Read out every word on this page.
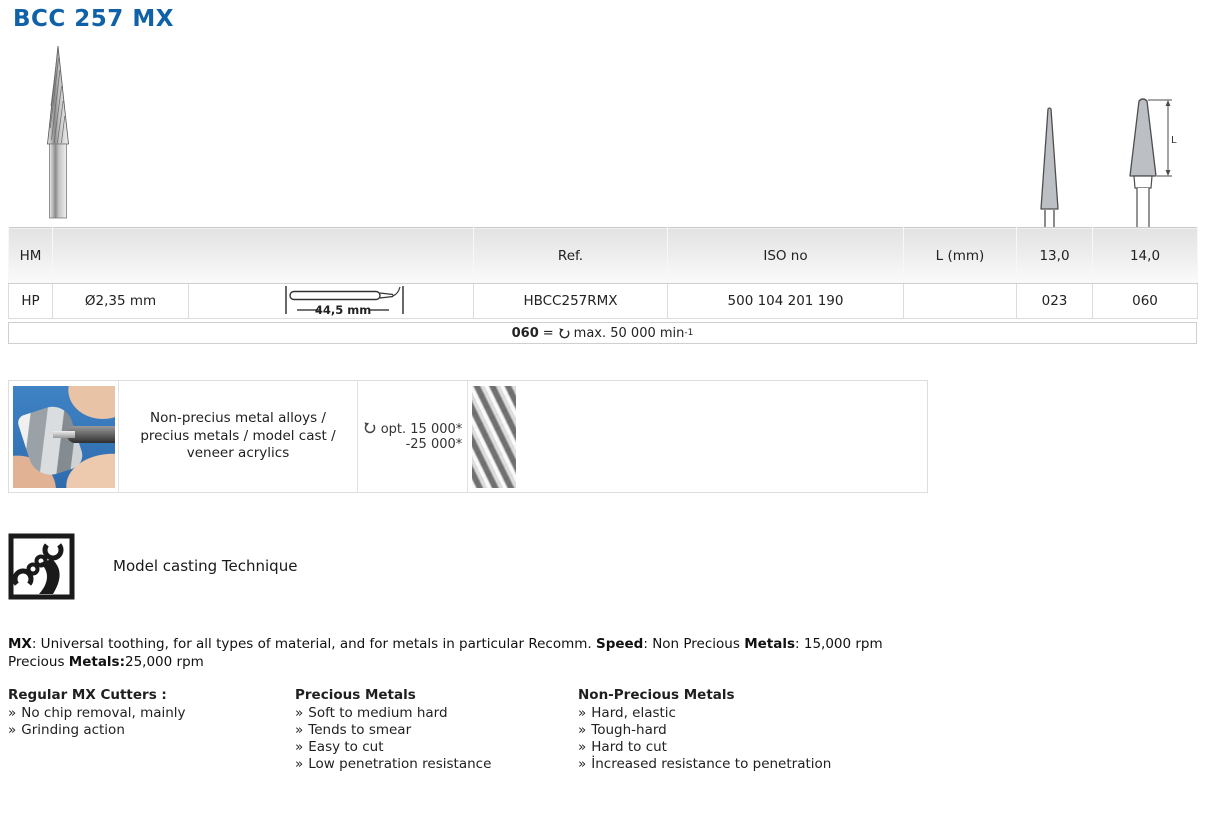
BCC 257 MX
L
HM			Ref.	ISO no	L (mm)	13,0	14,0
HP	Ø2,35 mm	44,5 mm	HBCC257RMX	500 104 201 190		023	060
060 = max. 50 000 min -1
Non-precius metal alloys / precius metals / model cast / veneer acrylics
opt. 15 000*
-25 000*
Model casting Technique

MX: Universal toothing, for all types of material, and for metals in particular Recomm. Speed: Non Precious Metals: 15,000 rpm Precious Metals:25,000 rpm

Regular MX Cutters :
» No chip removal, mainly
» Grinding action
Precious Metals
» Soft to medium hard
» Tends to smear
» Easy to cut
» Low penetration resistance
Non-Precious Metals
» Hard, elastic
» Tough-hard
» Hard to cut
» İncreased resistance to penetration
